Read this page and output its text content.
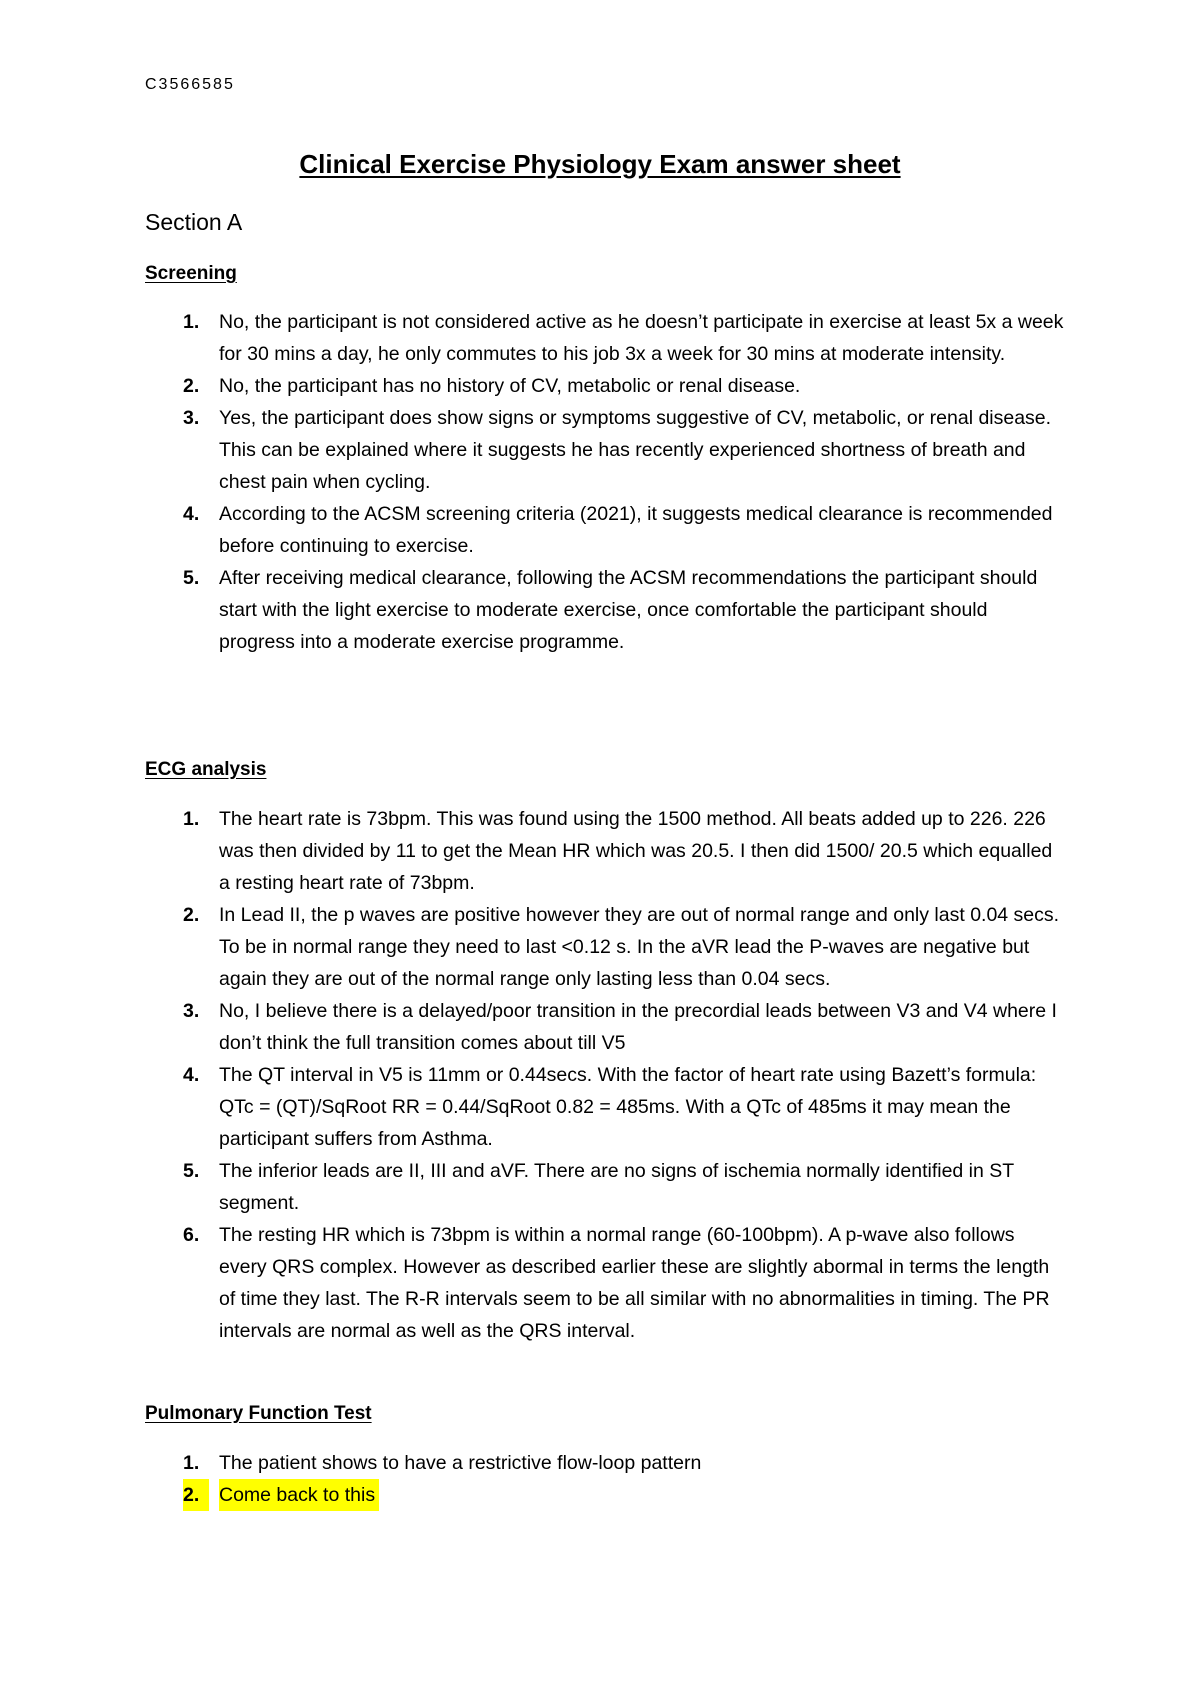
C3566585
Clinical Exercise Physiology Exam answer sheet
Section A
Screening
1. No, the participant is not considered active as he doesn’t participate in exercise at least 5x a week for 30 mins a day, he only commutes to his job 3x a week for 30 mins at moderate intensity.
2. No, the participant has no history of CV, metabolic or renal disease.
3. Yes, the participant does show signs or symptoms suggestive of CV, metabolic, or renal disease. This can be explained where it suggests he has recently experienced shortness of breath and chest pain when cycling.
4. According to the ACSM screening criteria (2021), it suggests medical clearance is recommended before continuing to exercise.
5. After receiving medical clearance, following the ACSM recommendations the participant should start with the light exercise to moderate exercise, once comfortable the participant should progress into a moderate exercise programme.
ECG analysis
1. The heart rate is 73bpm. This was found using the 1500 method. All beats added up to 226. 226 was then divided by 11 to get the Mean HR which was 20.5. I then did 1500/ 20.5 which equalled a resting heart rate of 73bpm.
2. In Lead II, the p waves are positive however they are out of normal range and only last 0.04 secs. To be in normal range they need to last <0.12 s. In the aVR lead the P-waves are negative but again they are out of the normal range only lasting less than 0.04 secs.
3. No, I believe there is a delayed/poor transition in the precordial leads between V3 and V4 where I don’t think the full transition comes about till V5
4. The QT interval in V5 is 11mm or 0.44secs. With the factor of heart rate using Bazett’s formula: QTc = (QT)/SqRoot RR = 0.44/SqRoot 0.82 = 485ms. With a QTc of 485ms it may mean the participant suffers from Asthma.
5. The inferior leads are II, III and aVF. There are no signs of ischemia normally identified in ST segment.
6. The resting HR which is 73bpm is within a normal range (60-100bpm). A p-wave also follows every QRS complex. However as described earlier these are slightly abormal in terms the length of time they last. The R-R intervals seem to be all similar with no abnormalities in timing. The PR intervals are normal as well as the QRS interval.
Pulmonary Function Test
1. The patient shows to have a restrictive flow-loop pattern
2.	Come back to this
